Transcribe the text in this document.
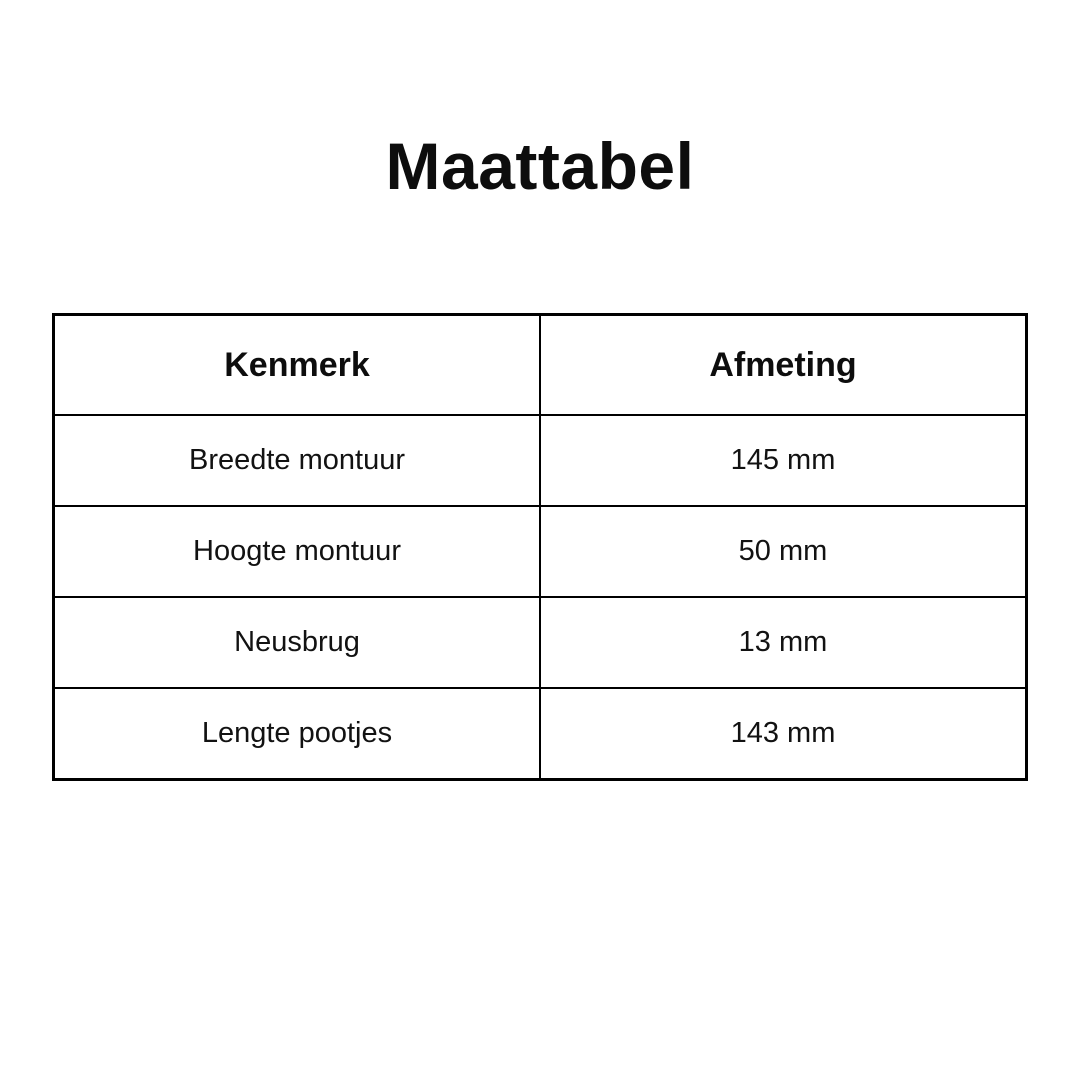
Maattabel
Kenmerk	Afmeting
Breedte montuur	145 mm
Hoogte montuur	50 mm
Neusbrug	13 mm
Lengte pootjes	143 mm
